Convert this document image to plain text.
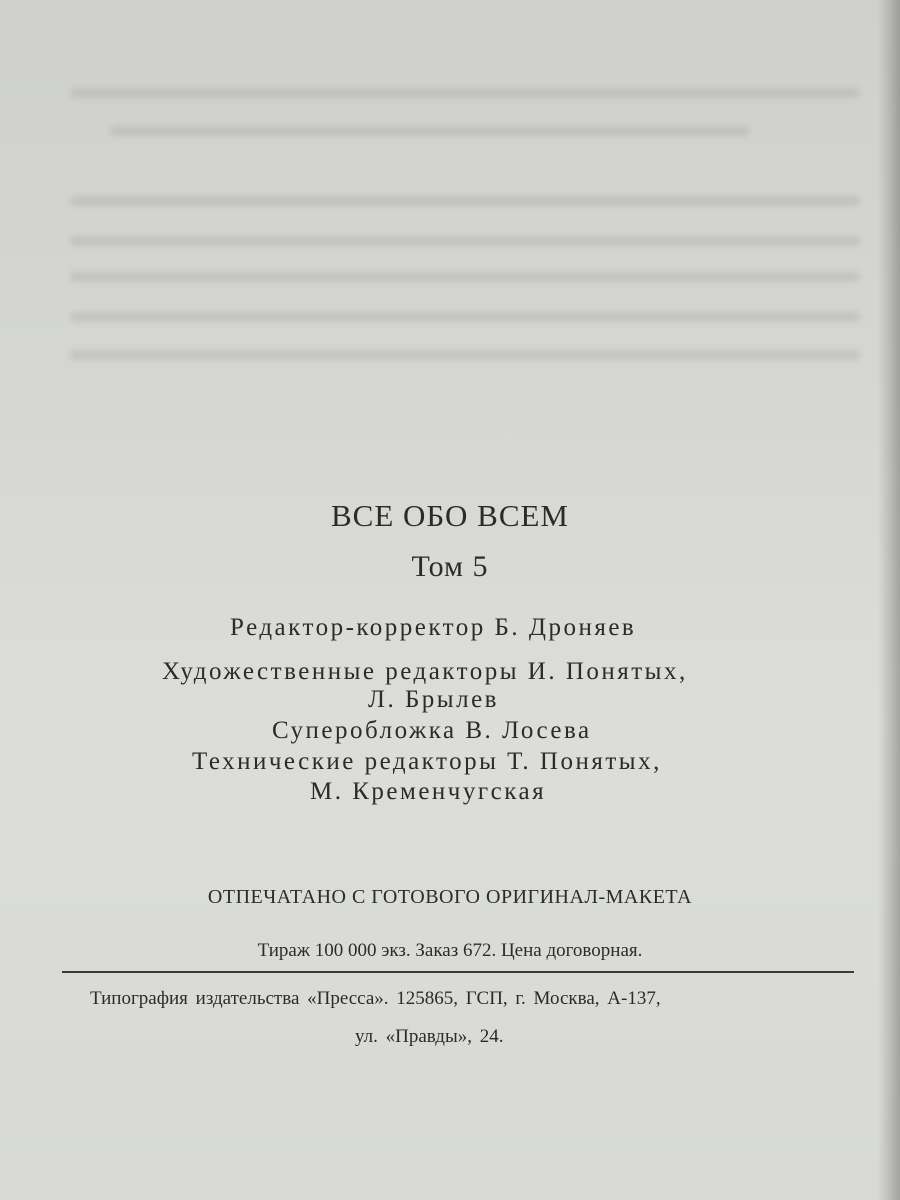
ВСЕ ОБО ВСЕМ
Том 5
Редактор-корректор Б. Дроняев
Художественные редакторы И. Понятых,
Л. Брылев
Суперобложка В. Лосева
Технические редакторы Т. Понятых,
М. Кременчугская
ОТПЕЧАТАНО С ГОТОВОГО ОРИГИНАЛ-МАКЕТА
Тираж 100 000 экз. Заказ 672. Цена договорная.
Типография издательства «Пресса». 125865, ГСП, г. Москва, А-137,
ул. «Правды», 24.
